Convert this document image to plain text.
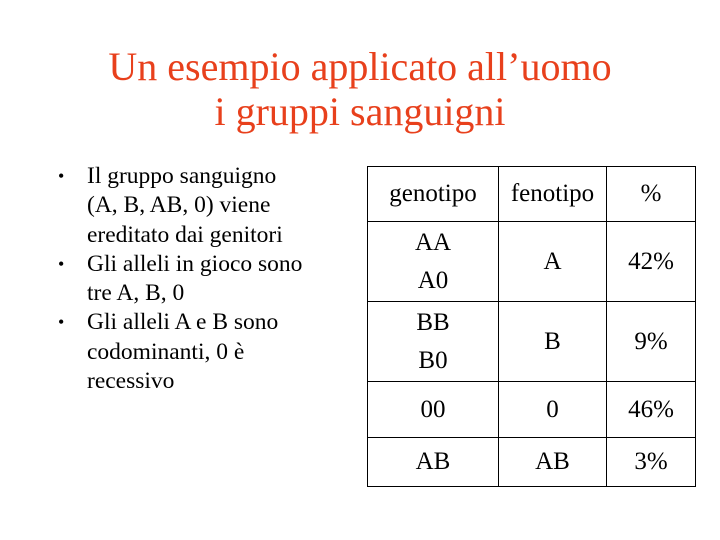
Un esempio applicato all’uomo
i gruppi sanguigni
• Il gruppo sanguigno
(A, B, AB, 0) viene
ereditato dai genitori
• Gli alleli in gioco sono
tre A, B, 0
• Gli alleli A e B sono
codominanti, 0 è
recessivo
genotipo	fenotipo	%

AA
A0	A	42%

BB
B0	B	9%
00	0	46%
AB	AB	3%
